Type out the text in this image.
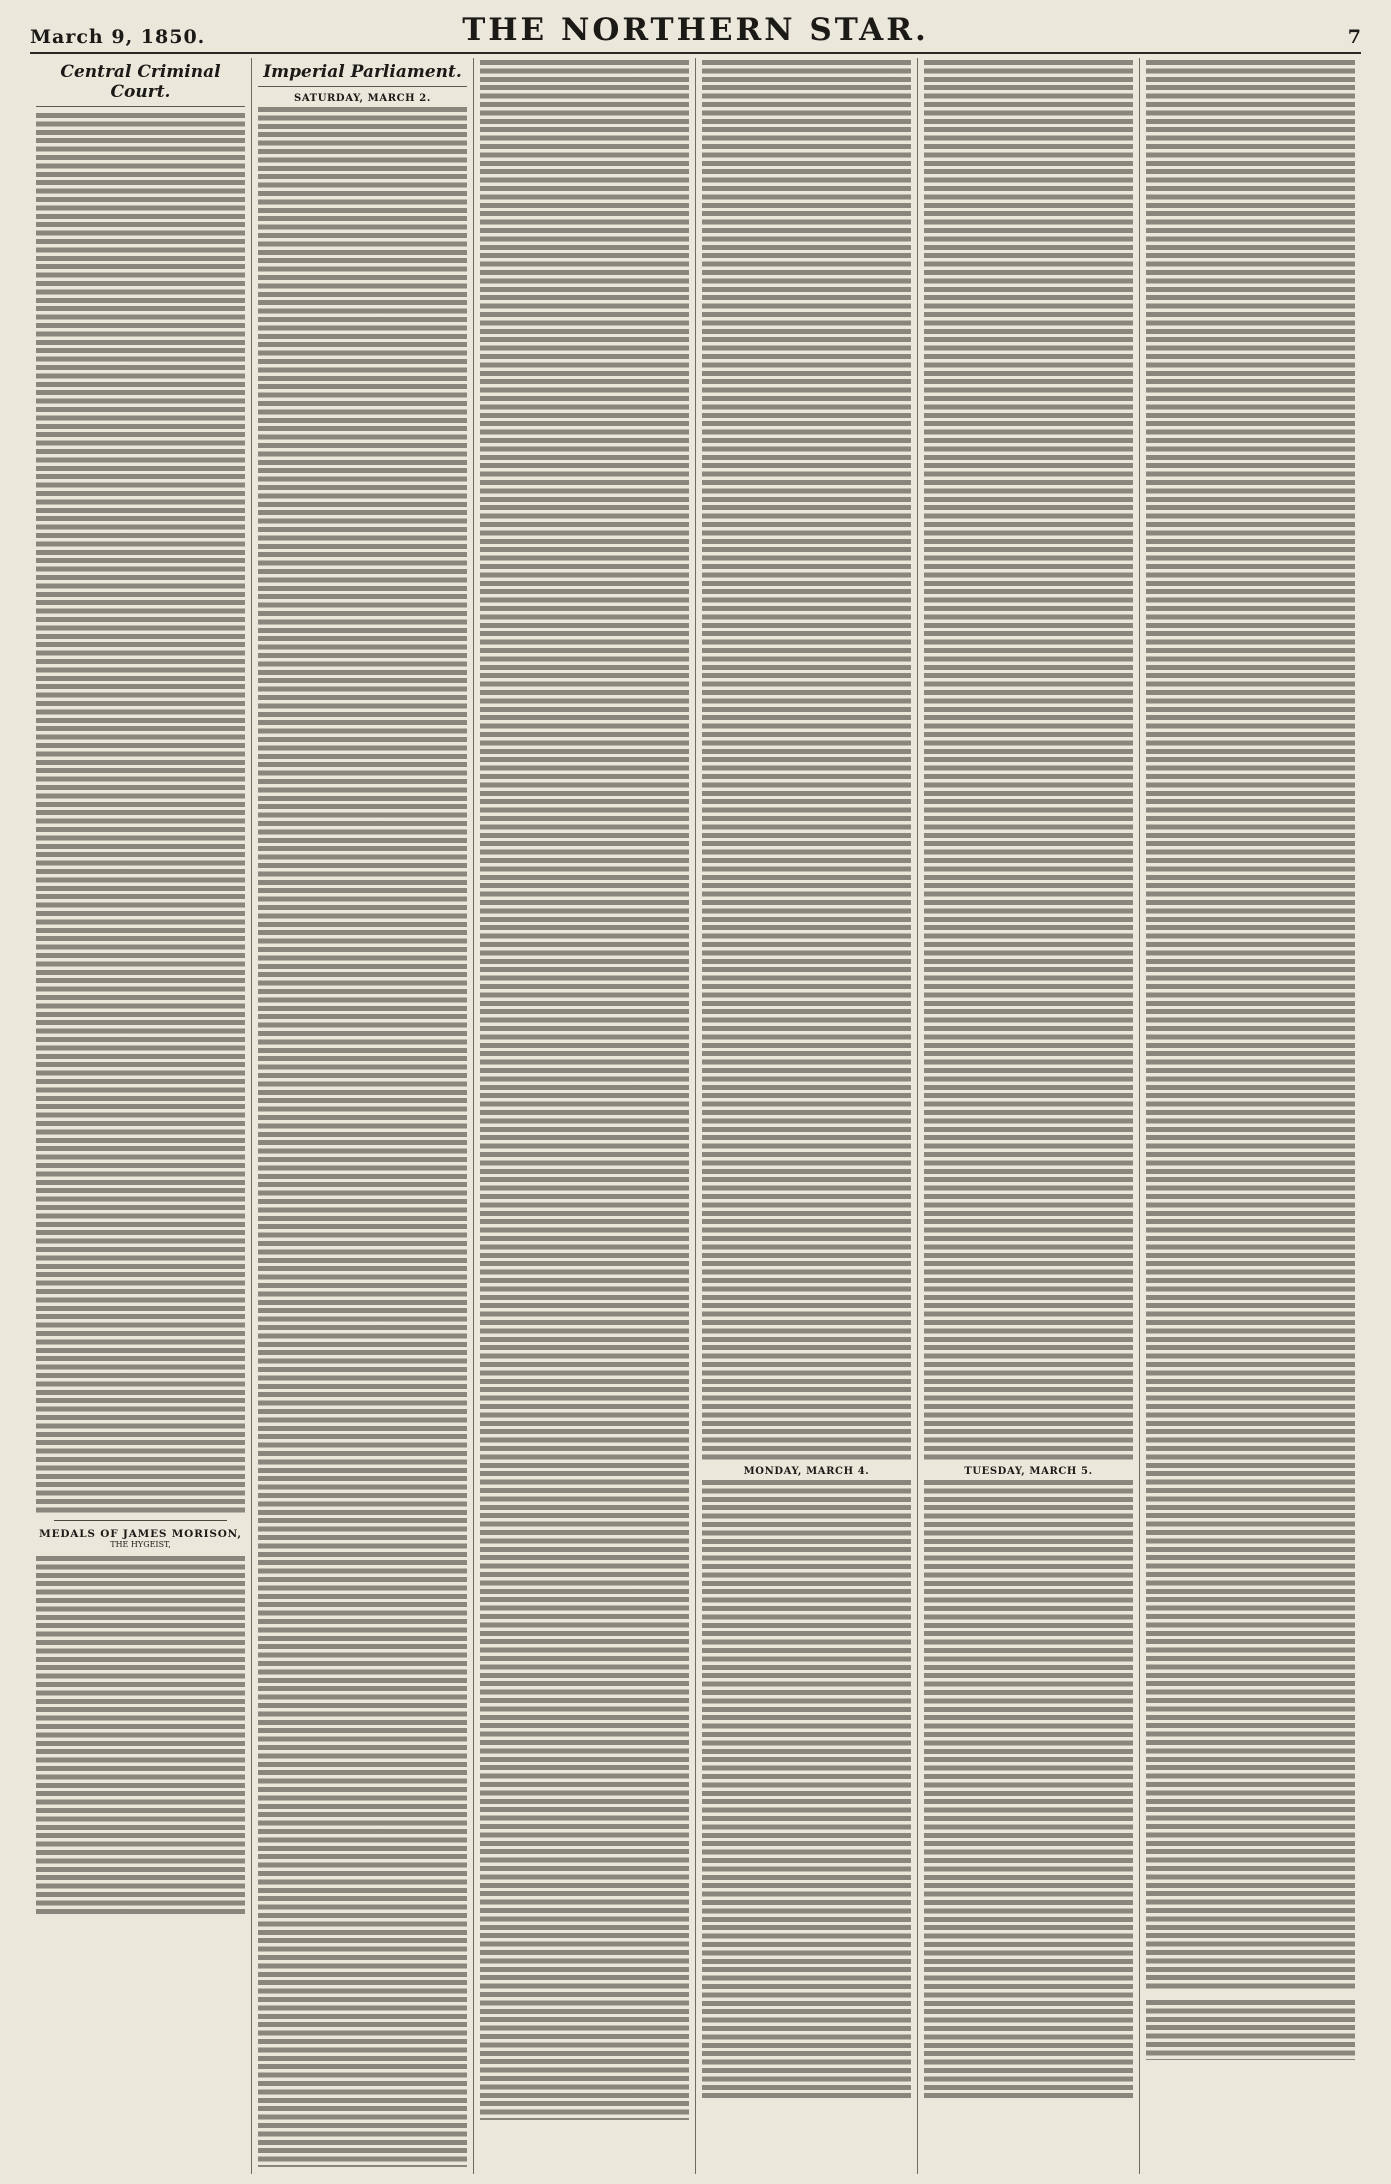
March 9, 1850.	THE NORTHERN STAR.	7
Central Criminal Court.
MEDALS OF JAMES MORISON,
THE HYGEIST,
Imperial Parliament.
SATURDAY, MARCH 2.
MONDAY, MARCH 4.	TUESDAY, MARCH 5.
